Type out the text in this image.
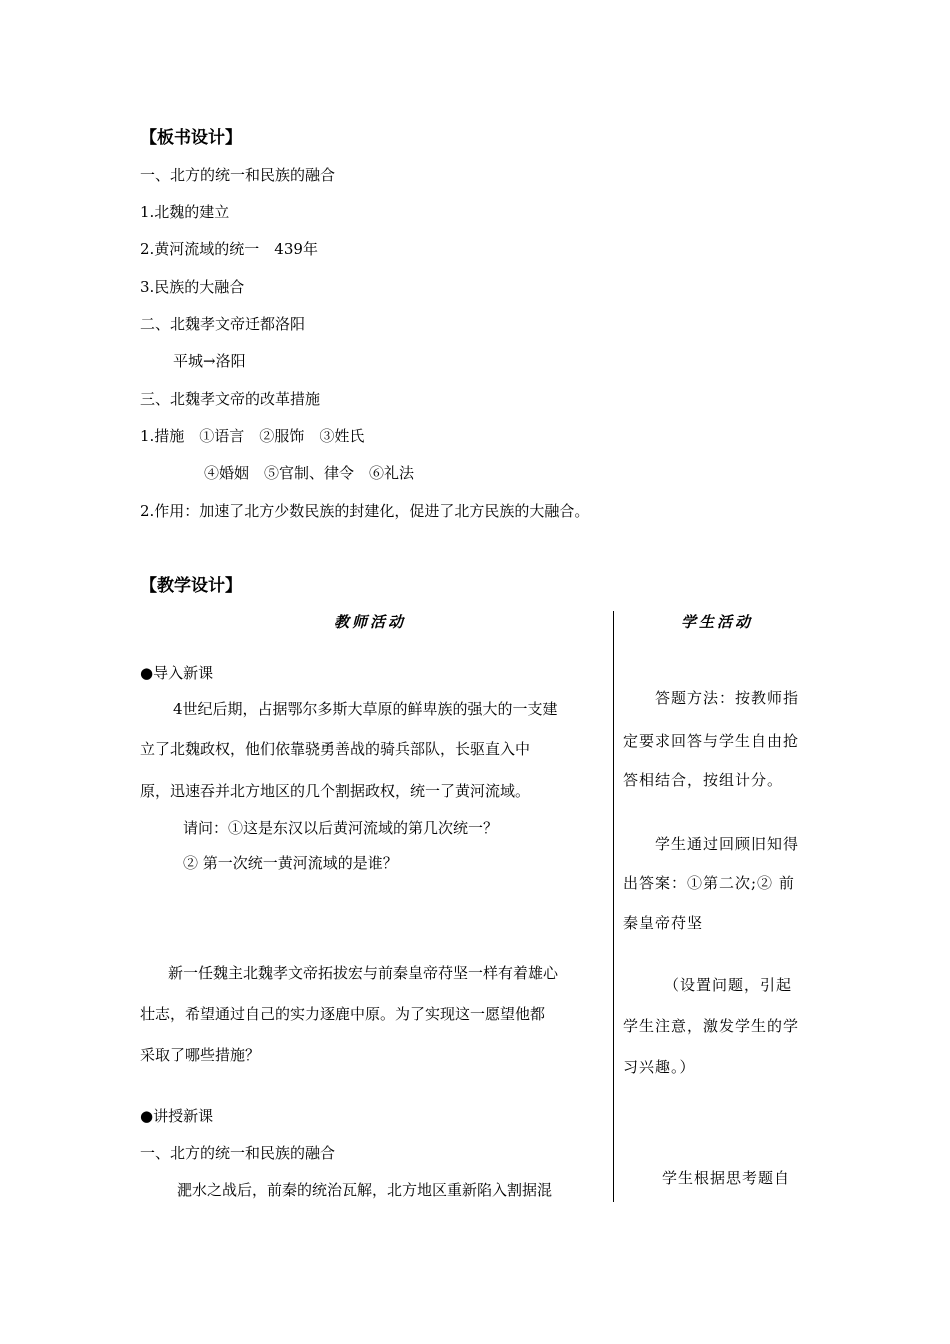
【板书设计】
一、北方的统一和民族的融合
1.北魏的建立
2.黄河流域的统一　439年
3.民族的大融合
二、北魏孝文帝迁都洛阳
平城→洛阳
三、北魏孝文帝的改革措施
1.措施　①语言　②服饰　③姓氏
④婚姻　⑤官制、律令　⑥礼法
2.作用：加速了北方少数民族的封建化，促进了北方民族的大融合。
【教学设计】
教师活动	学生活动
●导入新课
4世纪后期，占据鄂尔多斯大草原的鲜卑族的强大的一支建
立了北魏政权，他们依靠骁勇善战的骑兵部队，长驱直入中
原，迅速吞并北方地区的几个割据政权，统一了黄河流域。
请问：①这是东汉以后黄河流域的第几次统一？
② 第一次统一黄河流域的是谁？
新一任魏主北魏孝文帝拓拔宏与前秦皇帝苻坚一样有着雄心
壮志，希望通过自己的实力逐鹿中原。为了实现这一愿望他都
采取了哪些措施？
●讲授新课
一、北方的统一和民族的融合
淝水之战后，前秦的统治瓦解，北方地区重新陷入割据混
答题方法：按教师指
定要求回答与学生自由抢
答相结合，按组计分。
学生通过回顾旧知得
出答案：①第二次;② 前
秦皇帝苻坚
（设置问题，引起
学生注意，激发学生的学
习兴趣。）
学生根据思考题自
